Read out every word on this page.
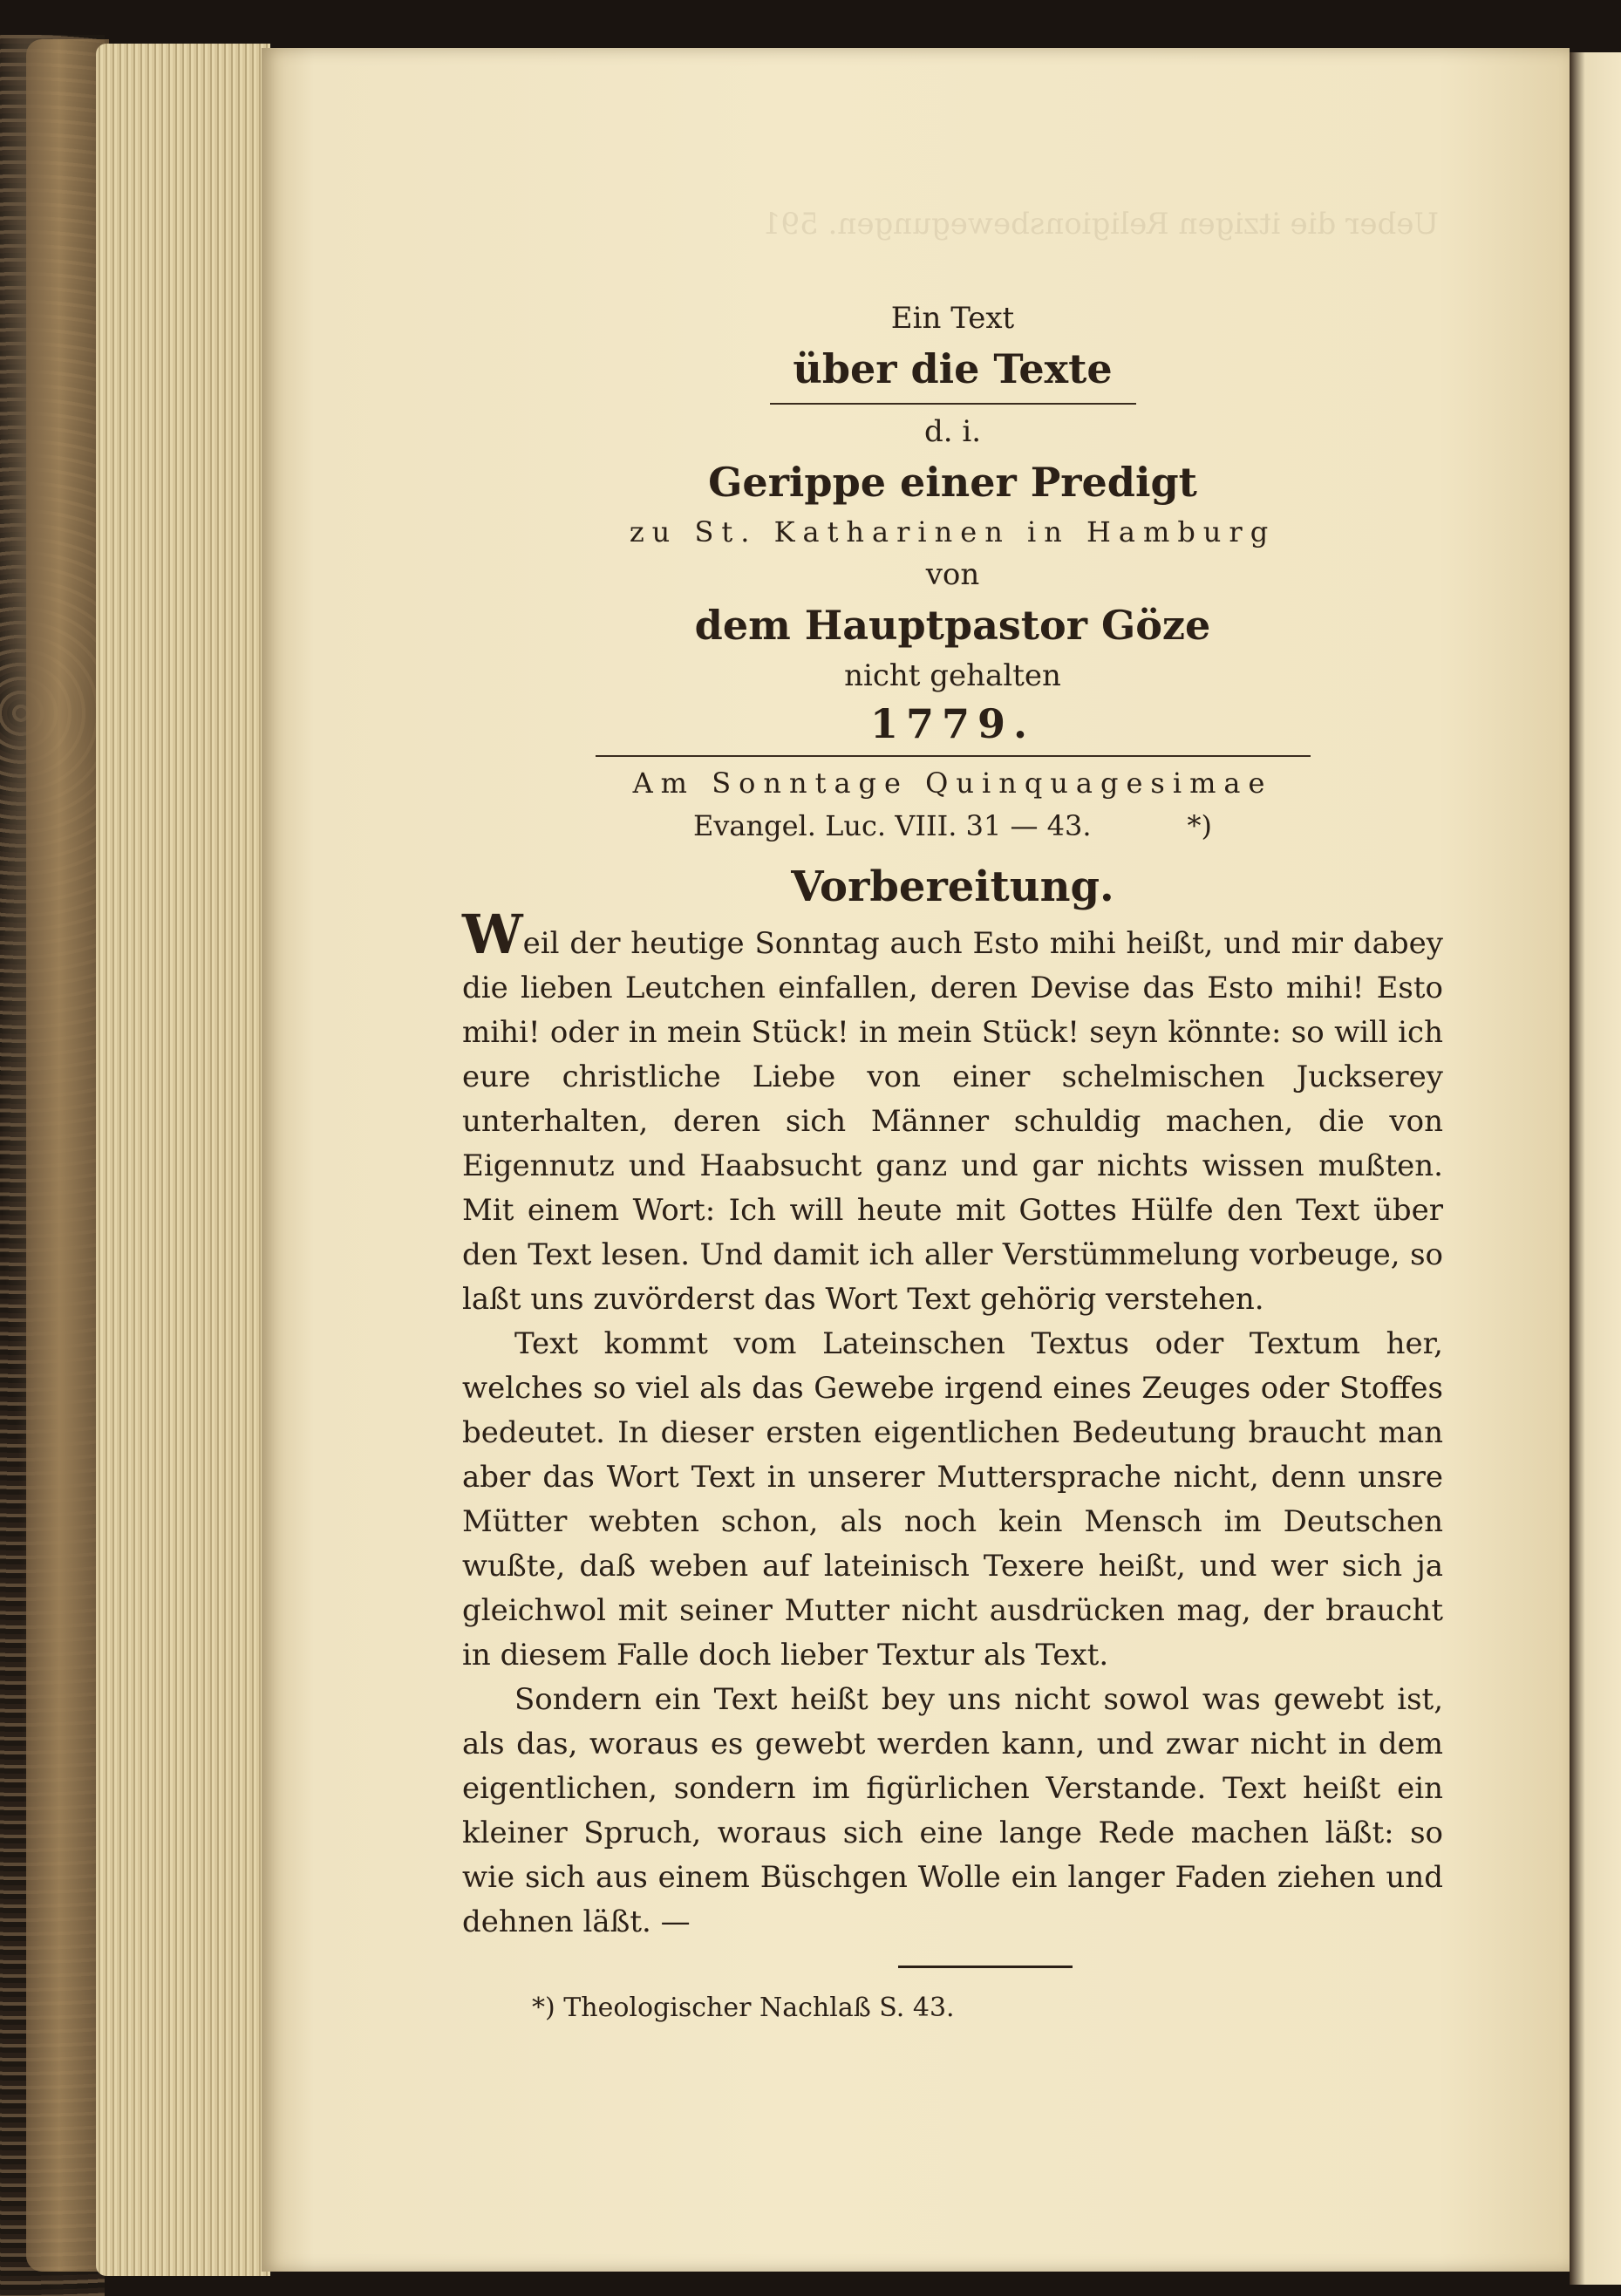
Ueber die itzigen Religionsbewegungen. 591
Ein Text
über die Texte
d. i.
Gerippe einer Predigt
zu St. Katharinen in Hamburg
von
dem Hauptpastor Göze
nicht gehalten
1779.
Am Sonntage Quinquagesimae
Evangel. Luc. VIII. 31 — 43.	*)
Vorbereitung.
Weil der heutige Sonntag auch Esto mihi heißt, und mir dabey die lieben Leutchen einfallen, deren Devise das Esto mihi! Esto mihi! oder in mein Stück! in mein Stück! seyn könnte: so will ich eure christliche Liebe von einer schelmischen Juckserey unterhalten, deren sich Männer schuldig machen, die von Eigennutz und Haabsucht ganz und gar nichts wissen mußten. Mit einem Wort: Ich will heute mit Gottes Hülfe den Text über den Text lesen. Und damit ich aller Verstümmelung vorbeuge, so laßt uns zuvörderst das Wort Text gehörig verstehen.
Text kommt vom Lateinschen Textus oder Textum her, welches so viel als das Gewebe irgend eines Zeuges oder Stoffes bedeutet. In dieser ersten eigentlichen Bedeutung braucht man aber das Wort Text in unserer Muttersprache nicht, denn unsre Mütter webten schon, als noch kein Mensch im Deutschen wußte, daß weben auf lateinisch Texere heißt, und wer sich ja gleichwol mit seiner Mutter nicht ausdrücken mag, der braucht in diesem Falle doch lieber Textur als Text.
Sondern ein Text heißt bey uns nicht sowol was gewebt ist, als das, woraus es gewebt werden kann, und zwar nicht in dem eigentlichen, sondern im figürlichen Verstande. Text heißt ein kleiner Spruch, woraus sich eine lange Rede machen läßt: so wie sich aus einem Büschgen Wolle ein langer Faden ziehen und dehnen läßt. —
*) Theologischer Nachlaß S. 43.
